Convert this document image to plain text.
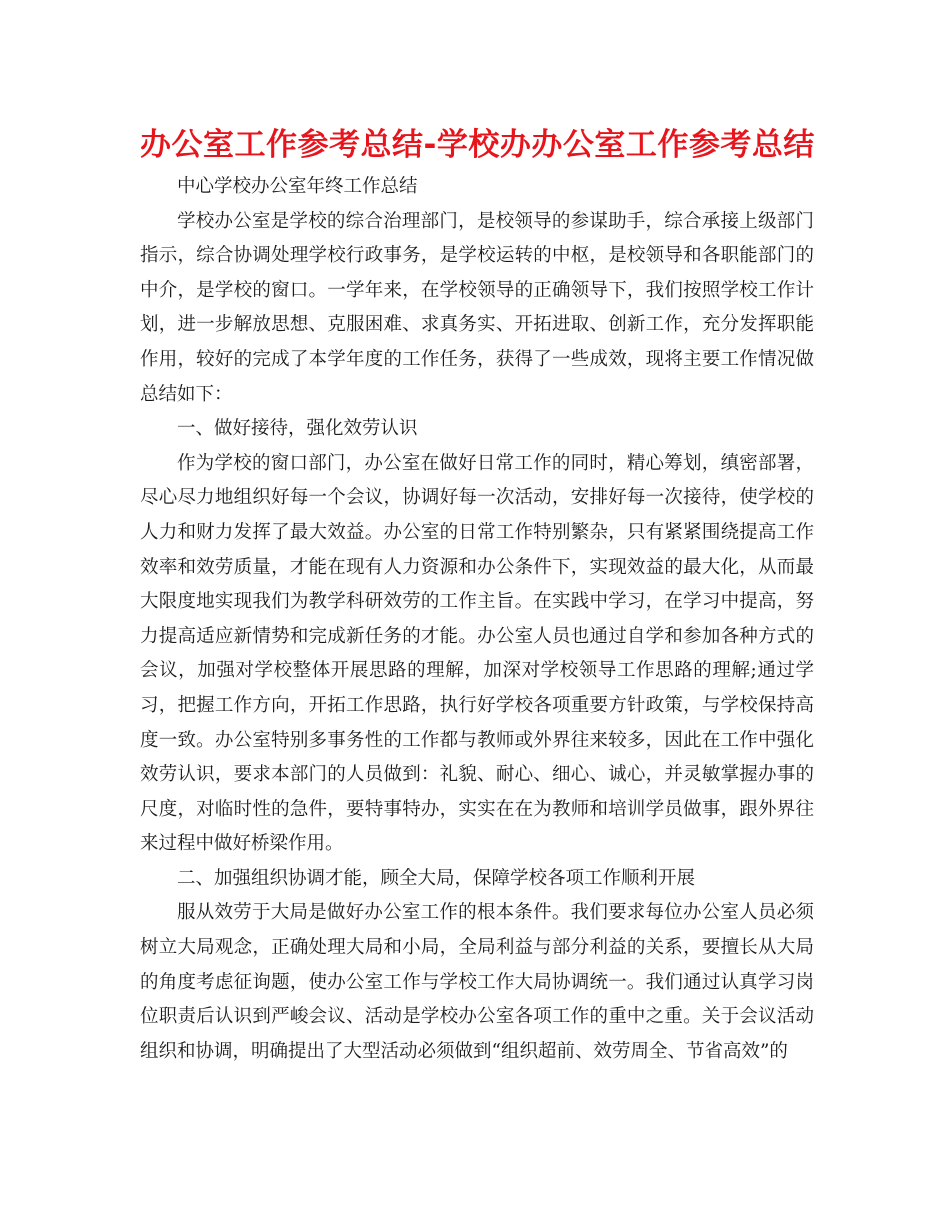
办公室工作参考总结-学校办办公室工作参考总结

中心学校办公室年终工作总结

学校办公室是学校的综合治理部门，是校领导的参谋助手，综合承接上级部门指示，综合协调处理学校行政事务，是学校运转的中枢，是校领导和各职能部门的中介，是学校的窗口。一学年来，在学校领导的正确领导下，我们按照学校工作计划，进一步解放思想、克服困难、求真务实、开拓进取、创新工作，充分发挥职能作用，较好的完成了本学年度的工作任务，获得了一些成效，现将主要工作情况做总结如下：

一、做好接待，强化效劳认识

作为学校的窗口部门，办公室在做好日常工作的同时，精心筹划，缜密部署，尽心尽力地组织好每一个会议，协调好每一次活动，安排好每一次接待，使学校的人力和财力发挥了最大效益。办公室的日常工作特别繁杂，只有紧紧围绕提高工作效率和效劳质量，才能在现有人力资源和办公条件下，实现效益的最大化，从而最大限度地实现我们为教学科研效劳的工作主旨。在实践中学习，在学习中提高，努力提高适应新情势和完成新任务的才能。办公室人员也通过自学和参加各种方式的会议，加强对学校整体开展思路的理解，加深对学校领导工作思路的理解;通过学习，把握工作方向，开拓工作思路，执行好学校各项重要方针政策，与学校保持高度一致。办公室特别多事务性的工作都与教师或外界往来较多，因此在工作中强化效劳认识，要求本部门的人员做到：礼貌、耐心、细心、诚心，并灵敏掌握办事的尺度，对临时性的急件，要特事特办，实实在在为教师和培训学员做事，跟外界往来过程中做好桥梁作用。

二、加强组织协调才能，顾全大局，保障学校各项工作顺利开展

服从效劳于大局是做好办公室工作的根本条件。我们要求每位办公室人员必须树立大局观念，正确处理大局和小局，全局利益与部分利益的关系，要擅长从大局的角度考虑征询题，使办公室工作与学校工作大局协调统一。我们通过认真学习岗位职责后认识到严峻会议、活动是学校办公室各项工作的重中之重。关于会议活动组织和协调，明确提出了大型活动必须做到“组织超前、效劳周全、节省高效”的
